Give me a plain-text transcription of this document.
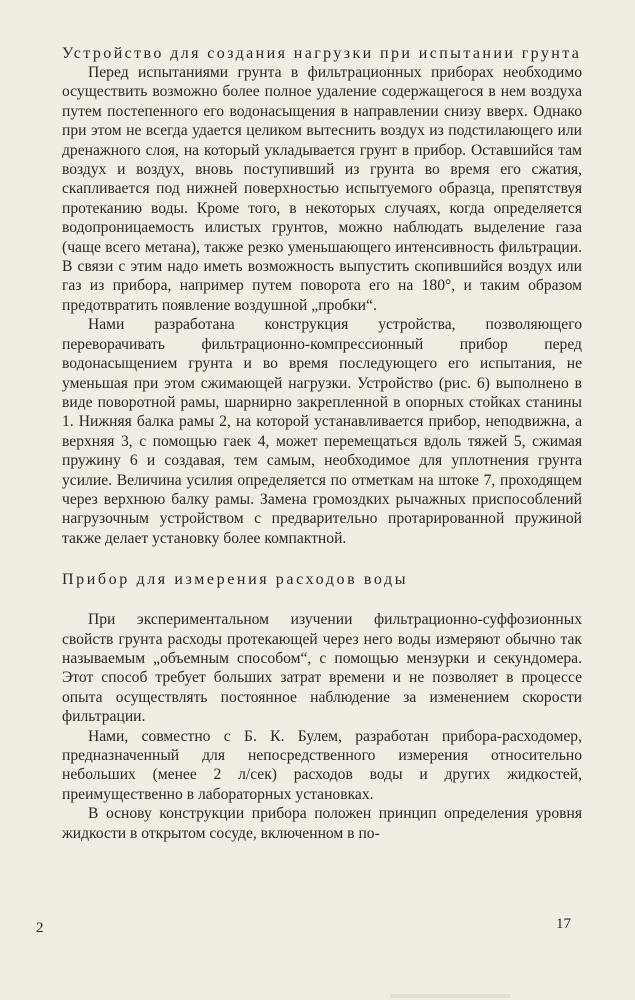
Устройство для создания нагрузки при испытании грунта

Перед испытаниями грунта в фильтрационных приборах необходимо осуществить возможно более полное удаление содержащегося в нем воздуха путем постепенного его водонасыщения в направлении снизу вверх. Однако при этом не всегда удается целиком вытеснить воздух из подстилающего или дренажного слоя, на который укладывается грунт в прибор. Оставшийся там воздух и воздух, вновь поступивший из грунта во время его сжатия, скапливается под нижней поверхностью испытуемого образца, препятствуя протеканию воды. Кроме того, в некоторых случаях, когда определяется водопроницаемость илистых грунтов, можно наблюдать выделение газа (чаще всего метана), также резко уменьшающего интенсивность фильтрации. В связи с этим надо иметь возможность выпустить скопившийся воздух или газ из прибора, например путем поворота его на 180°, и таким образом предотвратить появление воздушной „пробки“.

Нами разработана конструкция устройства, позволяющего переворачивать фильтрационно-компрессионный прибор перед водонасыщением грунта и во время последующего его испытания, не уменьшая при этом сжимающей нагрузки. Устройство (рис. 6) выполнено в виде поворотной рамы, шарнирно закрепленной в опорных стойках станины 1. Нижняя балка рамы 2, на которой устанавливается прибор, неподвижна, а верхняя 3, с помощью гаек 4, может перемещаться вдоль тяжей 5, сжимая пружину 6 и создавая, тем самым, необходимое для уплотнения грунта усилие. Величина усилия определяется по отметкам на штоке 7, проходящем через верхнюю балку рамы. Замена громоздких рычажных приспособлений нагрузочным устройством с предварительно протарированной пружиной также делает установку более компактной.

Прибор для измерения расходов воды

При экспериментальном изучении фильтрационно-суффозионных свойств грунта расходы протекающей через него воды измеряют обычно так называемым „объемным способом“, с помощью мензурки и секундомера. Этот способ требует больших затрат времени и не позволяет в процессе опыта осуществлять постоянное наблюдение за изменением скорости фильтрации.

Нами, совместно с Б. К. Булем, разработан прибора-расходомер, предназначенный для непосредственного измерения относительно небольших (менее 2 л/сек) расходов воды и других жидкостей, преимущественно в лабораторных установках.

В основу конструкции прибора положен принцип определения уровня жидкости в открытом сосуде, включенном в по-

2	17
